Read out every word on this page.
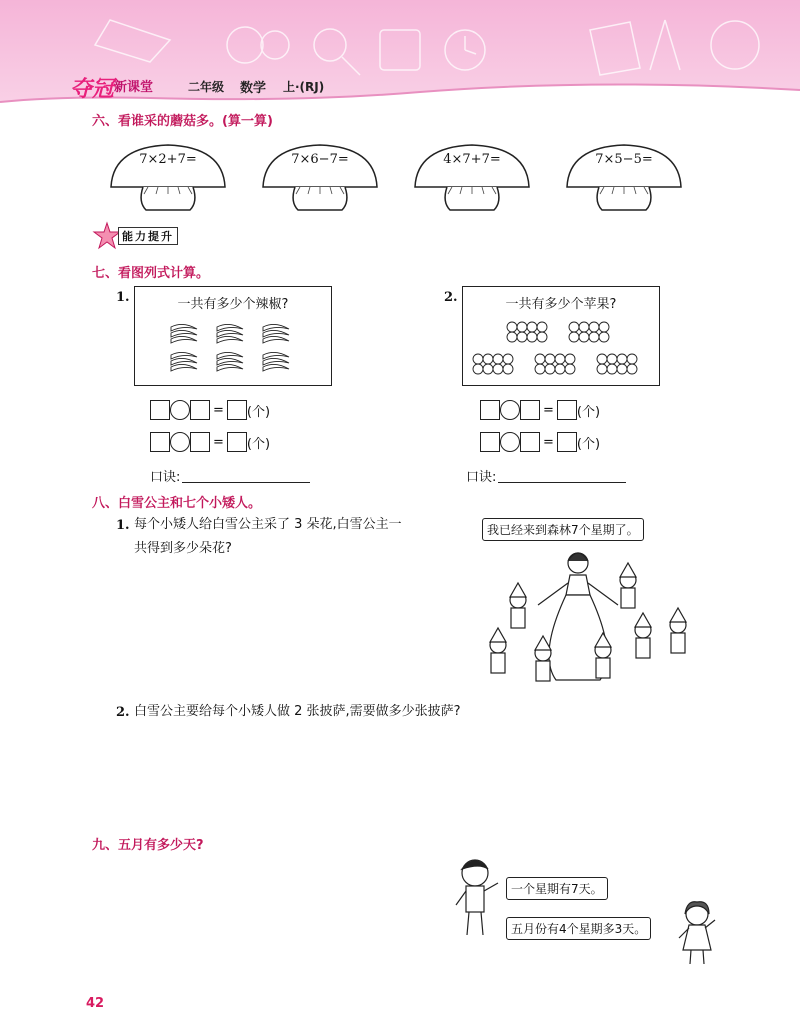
夺冠 新课堂	二年级 数学 上·(RJ)
六、看谁采的蘑菇多。(算一算)
7×2+7=	7×6−7=	4×7+7=	7×5−5=
能力提升
七、看图列式计算。
1.	一共有多少个辣椒?	2.	一共有多少个苹果?
= (个)
= (个)
口诀:
= (个)
= (个)
口诀:
八、白雪公主和七个小矮人。
1. 每个小矮人给白雪公主采了 3 朵花,白雪公主一
共得到多少朵花?
我已经来到森林7个星期了。
2. 白雪公主要给每个小矮人做 2 张披萨,需要做多少张披萨?
九、五月有多少天?
一个星期有7天。
五月份有4个星期多3天。
42
